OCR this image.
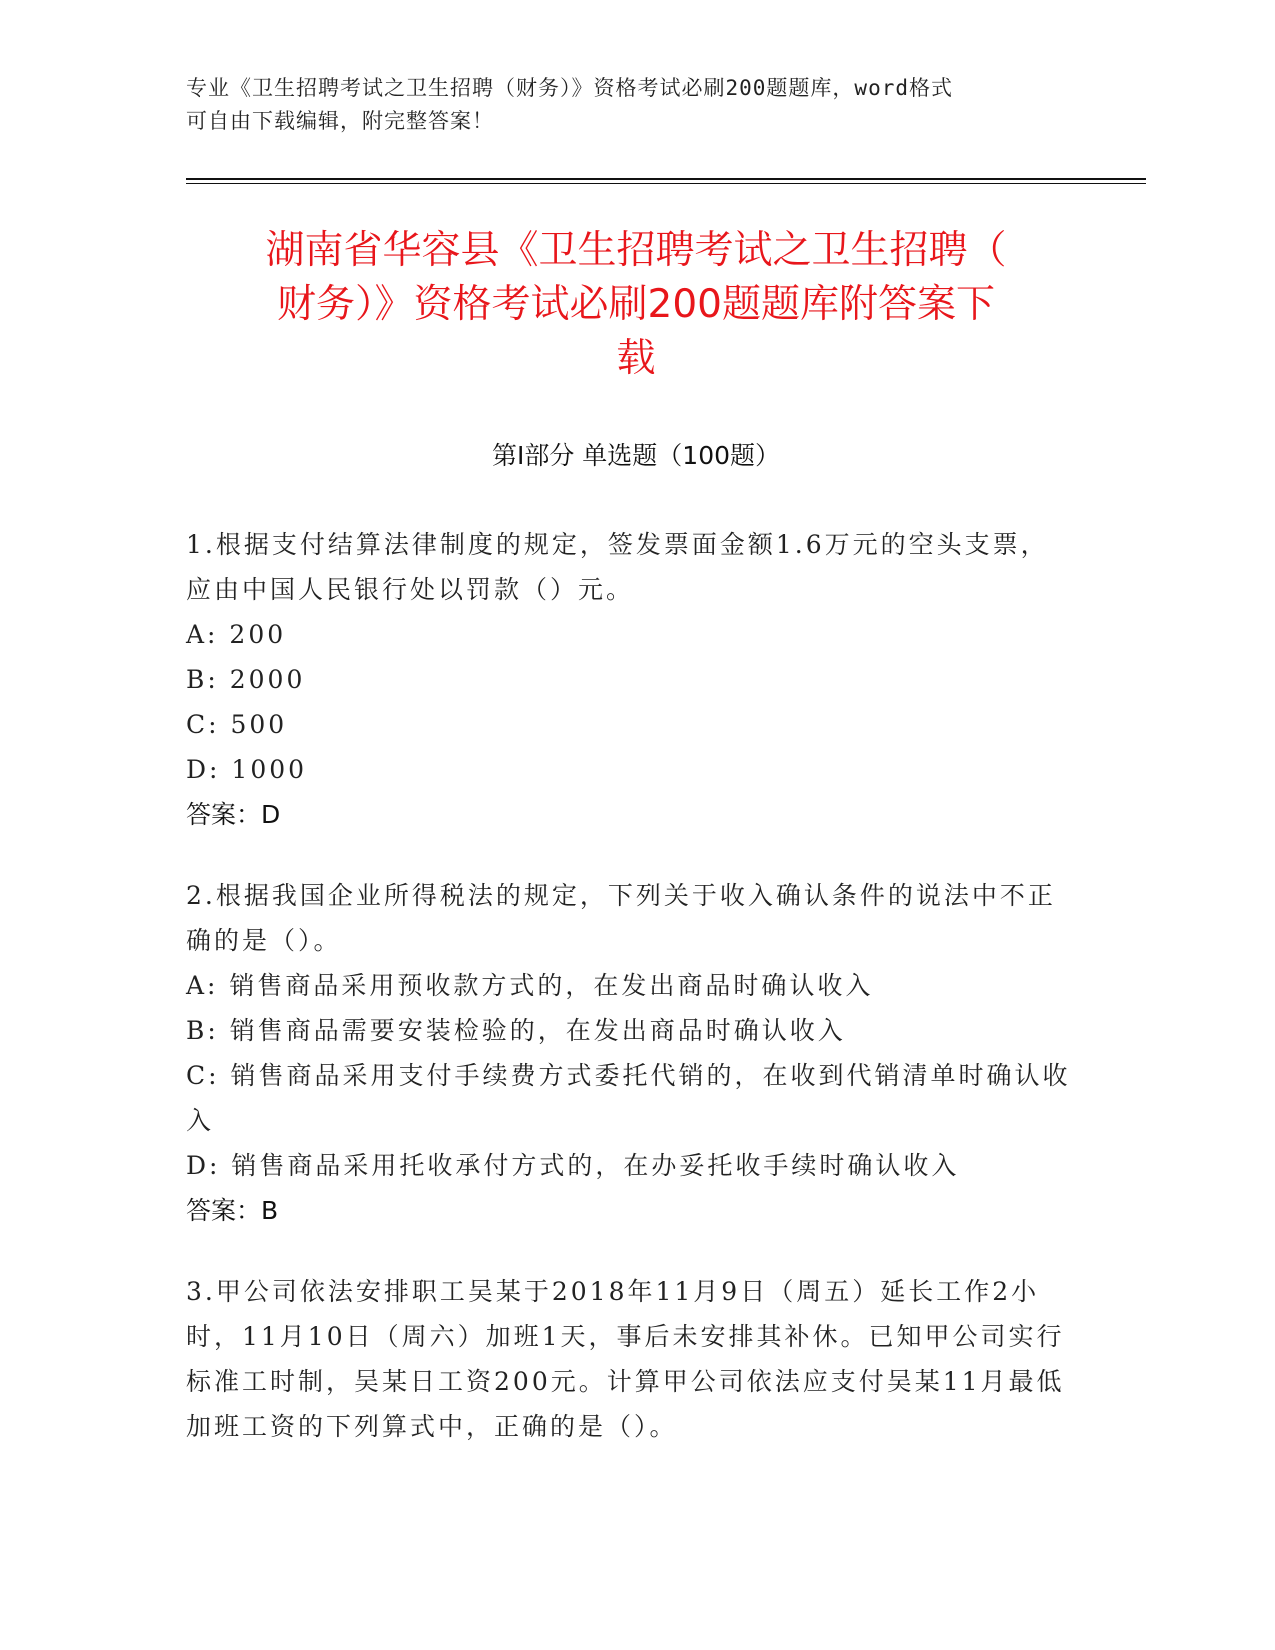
专业《卫生招聘考试之卫生招聘（财务）》资格考试必刷200题题库，word格式
可自由下载编辑，附完整答案！
湖南省华容县《卫生招聘考试之卫生招聘（
财务）》资格考试必刷200题题库附答案下
载
第Ⅰ部分 单选题（100题）
1.根据支付结算法律制度的规定，签发票面金额1.6万元的空头支票，应由中国人民银行处以罚款（）元。
A: 200
B: 2000
C: 500
D: 1000
答案：D
2.根据我国企业所得税法的规定，下列关于收入确认条件的说法中不正确的是（）。
A: 销售商品采用预收款方式的，在发出商品时确认收入
B: 销售商品需要安装检验的，在发出商品时确认收入
C: 销售商品采用支付手续费方式委托代销的，在收到代销清单时确认收入
D: 销售商品采用托收承付方式的，在办妥托收手续时确认收入
答案：B
3.甲公司依法安排职工吴某于2018年11月9日（周五）延长工作2小时，11月10日（周六）加班1天，事后未安排其补休。已知甲公司实行标准工时制，吴某日工资200元。计算甲公司依法应支付吴某11月最低加班工资的下列算式中，正确的是（）。
